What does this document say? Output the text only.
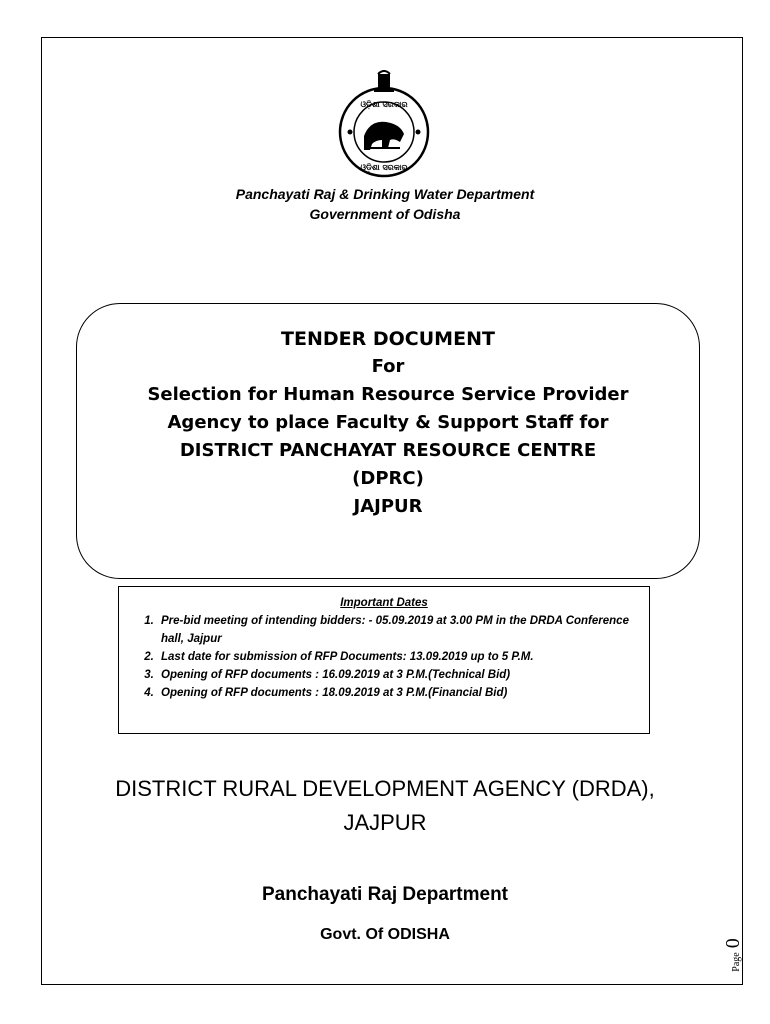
ଓଡ଼ିଶା ସରକାର
ଓଡ଼ିଶା ସରକାର
Panchayati Raj & Drinking Water Department
Government of Odisha
TENDER DOCUMENT
For
Selection for Human Resource Service Provider
Agency to place Faculty & Support Staff for
DISTRICT PANCHAYAT RESOURCE CENTRE
(DPRC)
JAJPUR
Important Dates
1. Pre-bid meeting of intending bidders: - 05.09.2019 at 3.00 PM in the DRDA Conference hall, Jajpur
2. Last date for submission of RFP Documents: 13.09.2019 up to 5 P.M.
3. Opening of RFP documents : 16.09.2019 at 3 P.M.(Technical Bid)
4. Opening of RFP documents : 18.09.2019 at 3 P.M.(Financial Bid)
DISTRICT RURAL DEVELOPMENT AGENCY (DRDA),
JAJPUR
Panchayati Raj Department
Govt. Of ODISHA
Page
0
